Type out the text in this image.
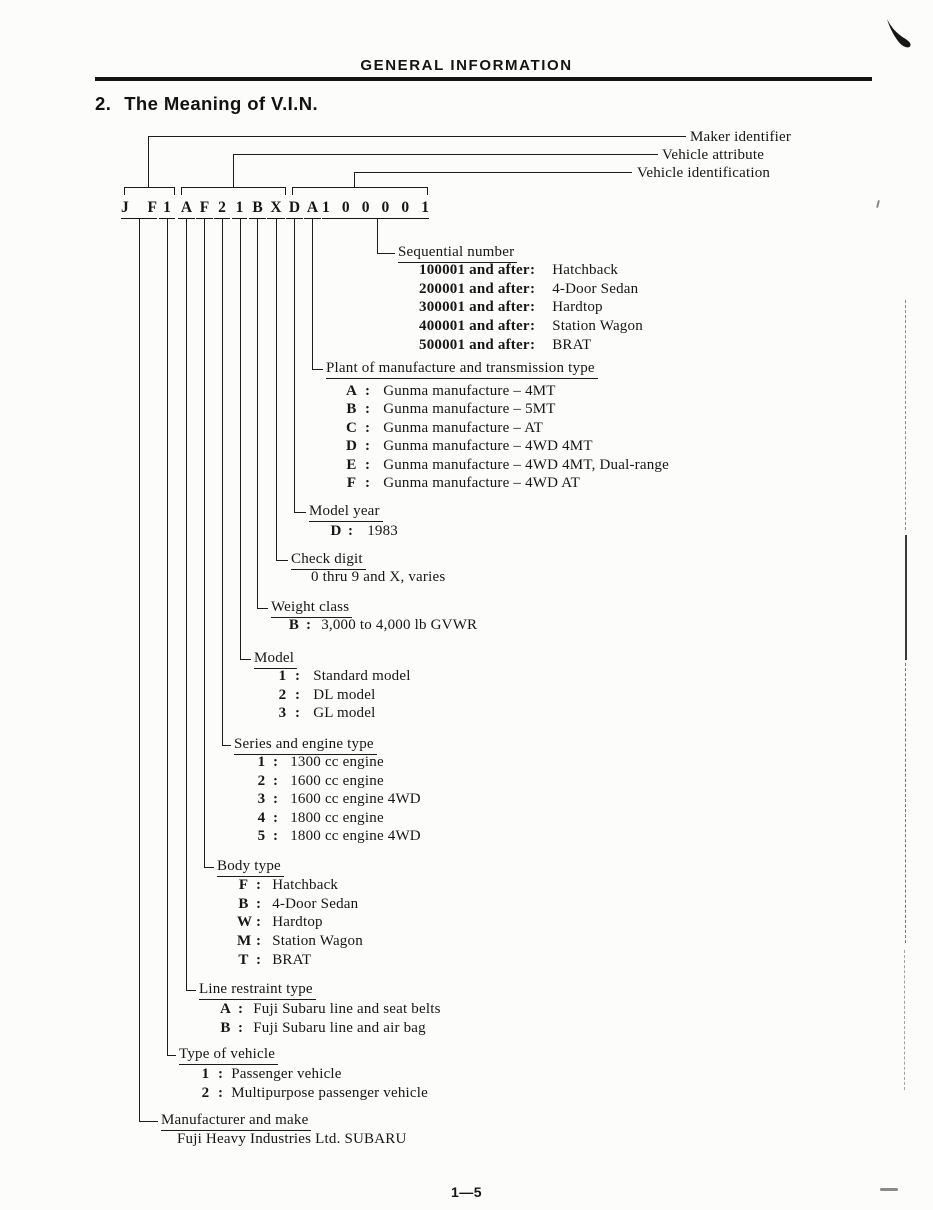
GENERAL INFORMATION
2. The Meaning of V.I.N.
Maker identifier
Vehicle attribute
Vehicle identification
1—5
J F 1 A F 2 1 B X D A 1 0 0 0 0 1
Sequential number
100001 and after : Hatchback
200001 and after : 4-Door Sedan
300001 and after : Hardtop
400001 and after : Station Wagon
500001 and after : BRAT
Plant of manufacture and transmission type
A : Gunma manufacture – 4MT
B : Gunma manufacture – 5MT
C : Gunma manufacture – AT
D : Gunma manufacture – 4WD 4MT
E : Gunma manufacture – 4WD 4MT, Dual-range
F : Gunma manufacture – 4WD AT
Model year
D : 1983
Check digit
0 thru 9 and X, varies
Weight class
B : 3,000 to 4,000 lb GVWR
Model
1 : Standard model
2 : DL model
3 : GL model
Series and engine type
1 : 1300 cc engine
2 : 1600 cc engine
3 : 1600 cc engine 4WD
4 : 1800 cc engine
5 : 1800 cc engine 4WD
Body type
F : Hatchback
B : 4-Door Sedan
W : Hardtop
M : Station Wagon
T : BRAT
Line restraint type
A : Fuji Subaru line and seat belts
B : Fuji Subaru line and air bag
Type of vehicle
1 : Passenger vehicle
2 : Multipurpose passenger vehicle
Manufacturer and make
Fuji Heavy Industries Ltd. SUBARU
